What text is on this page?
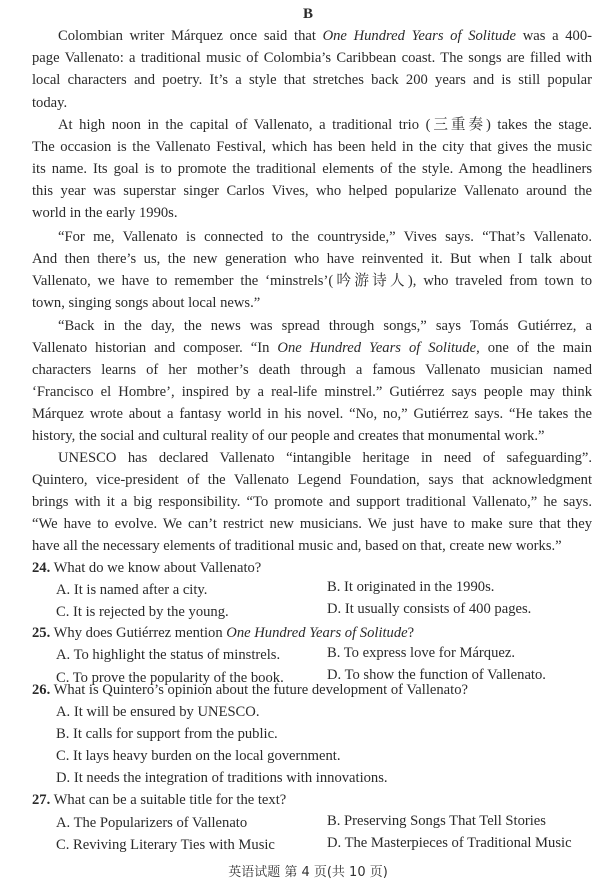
B
Colombian writer Márquez once said that One Hundred Years of Solitude was a 400-
page Vallenato: a traditional music of Colombia’s Caribbean coast. The songs are filled with
local characters and poetry. It’s a style that stretches back 200 years and is still popular
today.
At high noon in the capital of Vallenato, a traditional trio (三重奏) takes the stage.
The occasion is the Vallenato Festival, which has been held in the city that gives the music
its name. Its goal is to promote the traditional elements of the style. Among the headliners
this year was superstar singer Carlos Vives, who helped popularize Vallenato around the
world in the early 1990s.
“For me, Vallenato is connected to the countryside,” Vives says. “That’s Vallenato.
And then there’s us, the new generation who have reinvented it. But when I talk about
Vallenato, we have to remember the ‘minstrels’(吟游诗人), who traveled from town to
town, singing songs about local news.”
“Back in the day, the news was spread through songs,” says Tomás Gutiérrez, a
Vallenato historian and composer. “In One Hundred Years of Solitude, one of the main
characters learns of her mother’s death through a famous Vallenato musician named
‘Francisco el Hombre’, inspired by a real-life minstrel.” Gutiérrez says people may think
Márquez wrote about a fantasy world in his novel. “No, no,” Gutiérrez says. “He takes the
history, the social and cultural reality of our people and creates that monumental work.”
UNESCO has declared Vallenato “intangible heritage in need of safeguarding”.
Quintero, vice-president of the Vallenato Legend Foundation, says that acknowledgment
brings with it a big responsibility. “To promote and support traditional Vallenato,” he says.
“We have to evolve. We can’t restrict new musicians. We just have to make sure that they
have all the necessary elements of traditional music and, based on that, create new works.”
24. What do we know about Vallenato?
A. It is named after a city.	B. It originated in the 1990s.
C. It is rejected by the young.	D. It usually consists of 400 pages.
25. Why does Gutiérrez mention One Hundred Years of Solitude?
A. To highlight the status of minstrels.	B. To express love for Márquez.
C. To prove the popularity of the book.	D. To show the function of Vallenato.
26. What is Quintero’s opinion about the future development of Vallenato?
A. It will be ensured by UNESCO.
B. It calls for support from the public.
C. It lays heavy burden on the local government.
D. It needs the integration of traditions with innovations.
27. What can be a suitable title for the text?
A. The Popularizers of Vallenato	B. Preserving Songs That Tell Stories
C. Reviving Literary Ties with Music	D. The Masterpieces of Traditional Music
英语试题 第 4 页(共 10 页)
